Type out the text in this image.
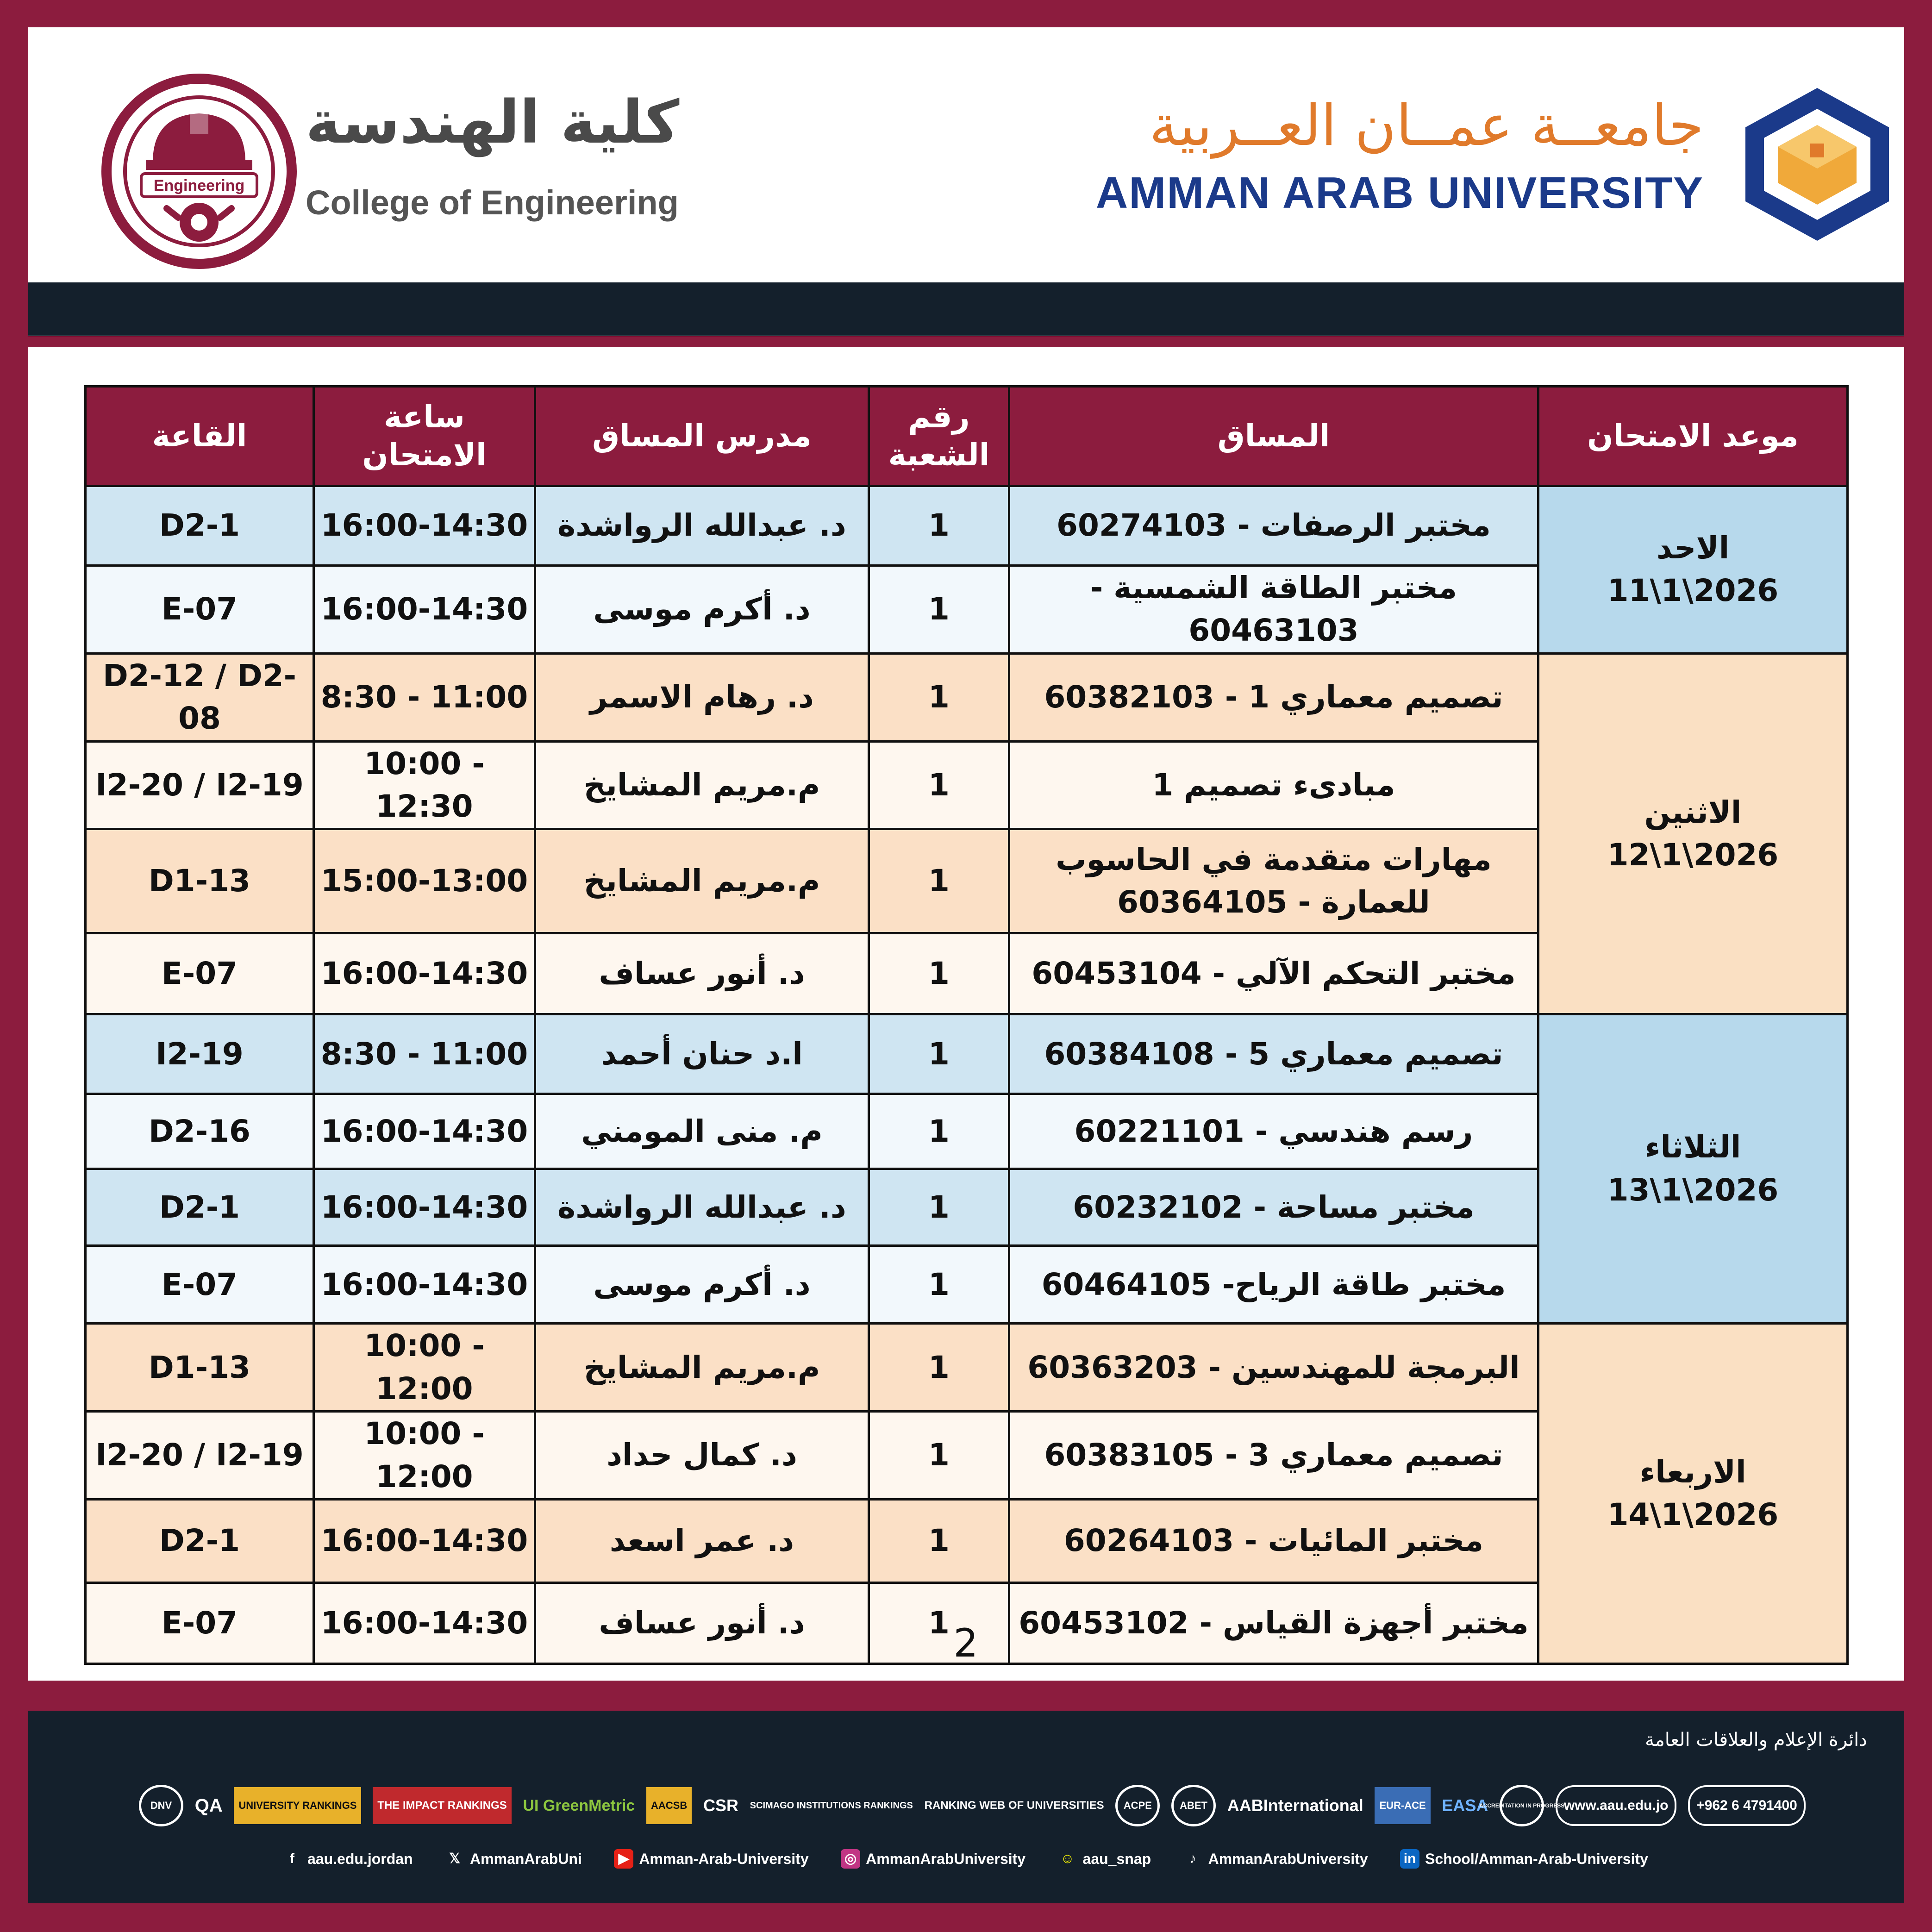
Engineering
كلية الهندسة
College of Engineering
جامعــة عمــان العــربية
AMMAN ARAB UNIVERSITY
موعد الامتحان	المساق	رقم الشعبة	مدرس المساق	ساعة الامتحان	القاعة
الاحد
2026\1\11	مختبر الرصفات - 60274103	1	د. عبدالله الرواشدة	16:00-14:30	D2-1
	مختبر الطاقة الشمسية - 60463103	1	د. أكرم موسى	16:00-14:30	E-07
الاثنين
2026\1\12	تصميم معماري 1 - 60382103	1	د. رهام الاسمر	8:30 - 11:00	D2-12 / D2-08
	مبادىء تصميم 1	1	م.مريم المشايخ	10:00 - 12:30	I2-20 / I2-19
	مهارات متقدمة في الحاسوب للعمارة - 60364105	1	م.مريم المشايخ	15:00-13:00	D1-13
	مختبر التحكم الآلي - 60453104	1	د. أنور عساف	16:00-14:30	E-07
الثلاثاء
2026\1\13	تصميم معماري 5 - 60384108	1	ا.د حنان أحمد	8:30 - 11:00	I2-19
	رسم هندسي - 60221101	1	م. منى المومني	16:00-14:30	D2-16
	مختبر مساحة - 60232102	1	د. عبدالله الرواشدة	16:00-14:30	D2-1
	مختبر طاقة الرياح- 60464105	1	د. أكرم موسى	16:00-14:30	E-07
الاربعاء
2026\1\14	البرمجة للمهندسين - 60363203	1	م.مريم المشايخ	10:00 - 12:00	D1-13
	تصميم معماري 3 - 60383105	1	د. كمال حداد	10:00 - 12:00	I2-20 / I2-19
	مختبر المائيات - 60264103	1	د. عمر اسعد	16:00-14:30	D2-1
	مختبر أجهزة القياس - 60453102	1	د. أنور عساف	16:00-14:30	E-07	2
دائرة الإعلام والعلاقات العامة
DNV	QA	UNIVERSITY RANKINGS	THE IMPACT RANKINGS UI GreenMetric	AACSB CSR SCIMAGO INSTITUTIONS RANKINGS RANKING WEB OF UNIVERSITIES	ACPE	ABET	AABInternational	EUR-ACE EASA
ACCREDITATION IN PROGRESS
www.aau.edu.jo	+962 6 4791400
f aau.edu.jordan	𝕏 AmmanArabUni	▶ Amman-Arab-University	◎ AmmanArabUniversity	☺ aau_snap	♪ AmmanArabUniversity	in School/Amman-Arab-University
